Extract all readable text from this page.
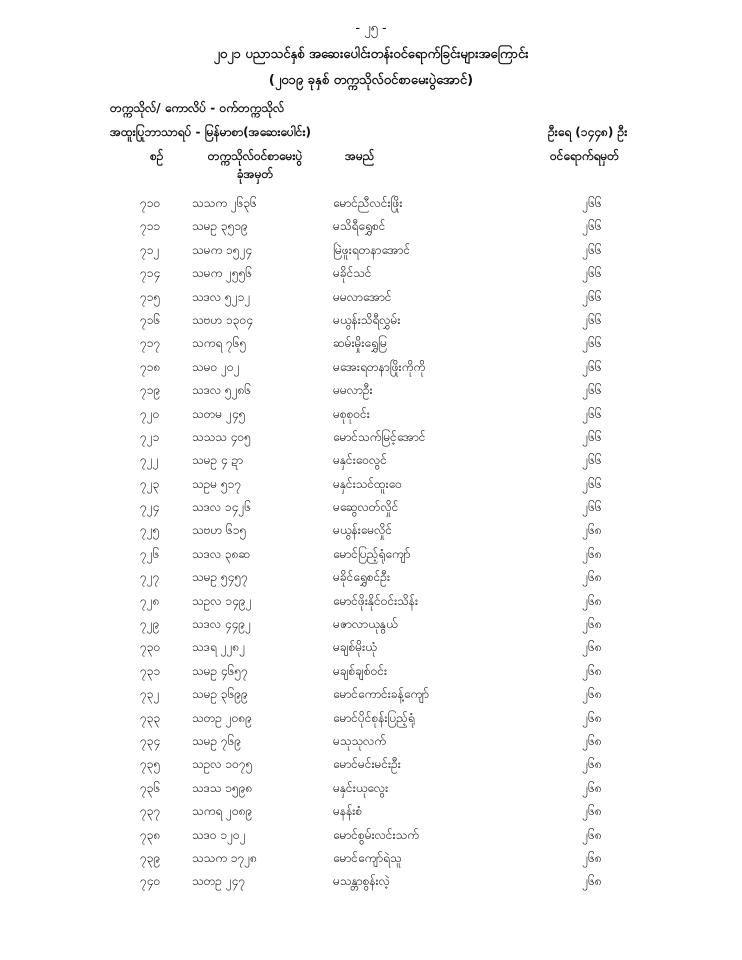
- ၂၅ -
၂၀၂၁ ပညာသင်နှစ် အဆေးပေါင်းတန်းဝင်ရောက်ခြင်းများအကြောင်း
(၂၀၁၉ ခုနှစ် တက္ကသိုလ်ဝင်စာမေးပွဲအောင်)
တက္ကသိုလ်/ ကောလိပ် - ဝက်တက္ကသိုလ်
အထူးပြုဘာသာရပ် - မြန်မာစာ(အဆေးပေါင်း)	ဦးရေ (၁၄၄၈) ဦး
စဥ်	တက္ကသိုလ်ဝင်စာမေးပွဲ
ခုံအမှတ်
အမည်	ဝင်ရောက်ရမှတ်
၇၁၀	သသက ၂၆၃၆	မောင်ညီလင်းဖြိုး	၂၆၆
၇၁၁	သမဥ ၃၅၁၉	မသိရီရွှေစင်	၂၆၆
၇၁၂	သမက ၁၅၂၄	မြဲဖူးရတနာအောင်	၂၆၆
၇၁၄	သမက ၂၅၅၆	မခိုင်သင်	၂၆၆
၇၁၅	သဒလ ၅၂၁၂	မမလာအောင်	၂၆၆
၇၁၆	သဗဟ ၁၃၀၄	မယွန်းသိရီလွှမ်း	၂၆၆
၇၁၇	သကရ ၇၆၅	ဆမ်းမှိုးရွှေမြ	၂၆၆
၇၁၈	သမဝ ၂၀၂	မအေးရတနာဖြိုးကိုကို	၂၆၆
၇၁၉	သဒလ ၅၂၈၆	မမလာဦး	၂၆၆
၇၂၀	သတမ ၂၄၅	မစုစုဝင်း	၂၆၆
၇၂၁	သသသ ၄၀၅	မောင်သက်မြင့်အောင်	၂၆၆
၇၂၂	သမဥ ၄ ဍာ	မနှင်းဝေလွင်	၂၆၆
၇၂၃	သဥမ ၅၁၇	မနှင်းသင်ထူးဝေ	၂၆၆
၇၂၄	သဒလ ၁၄၂၆	မဆွေလတ်လှိုင်	၂၆၆
၇၂၅	သဗဟ ၆၁၅	မယွန်းမေလှိုင်	၂၆၈
၇၂၆	သဒလ ၃၈ဆ	မောင်ပြည့်ရုံကျော်	၂၆၈
၇၂၇	သမဥ ၅၄၅၇	မခိုင်ရွှေစင်ဦး	၂၆၈
၇၂၈	သဥလ ၁၄၉၂	မောင်ဖိုးနိုင်ဝင်းသိန်း	၂၆၈
၇၂၉	သဒလ ၄၄၉၂	မဇာလာယုနွယ်	၂၆၈
၇၃၀	သဒရ ၂၂၈၂	မချစ်မိုးယုံ	၂၆၈
၇၃၁	သမဥ ၄၆၅၇	မချစ်ချစ်ဝင်း	၂၆၈
၇၃၂	သမဥ ၃၆၉၉	မောင်ကောင်းခန့်ကျော်	၂၆၈
၇၃၃	သတဥ ၂၀၈၉	မောင်ပိုင်စုန်းပြည့်ရုံ	၂၆၈
၇၃၄	သမဥ ၇၆၉	မသုသုလက်	၂၆၈
၇၃၅	သဥလ ၁၀၇၅	မောင်မင်းမင်းဦး	၂၆၈
၇၃၆	သဒသ ၁၅၉၈	မနှင်းယုလွေး	၂၆၈
၇၃၇	သကရ ၂၀၈၉	မနန်းစံ	၂၆၈
၇၃၈	သဒဝ ၁၂၀၂	မောင်စွမ်းလင်းသက်	၂၆၈
၇၃၉	သသက ၁၇၂၈	မောင်ကျော်ရဲသူ	၂၆၈
၇၄၀	သတဥ ၂၄၇	မသန္တာစွန်းလဲ့	၂၆၈
